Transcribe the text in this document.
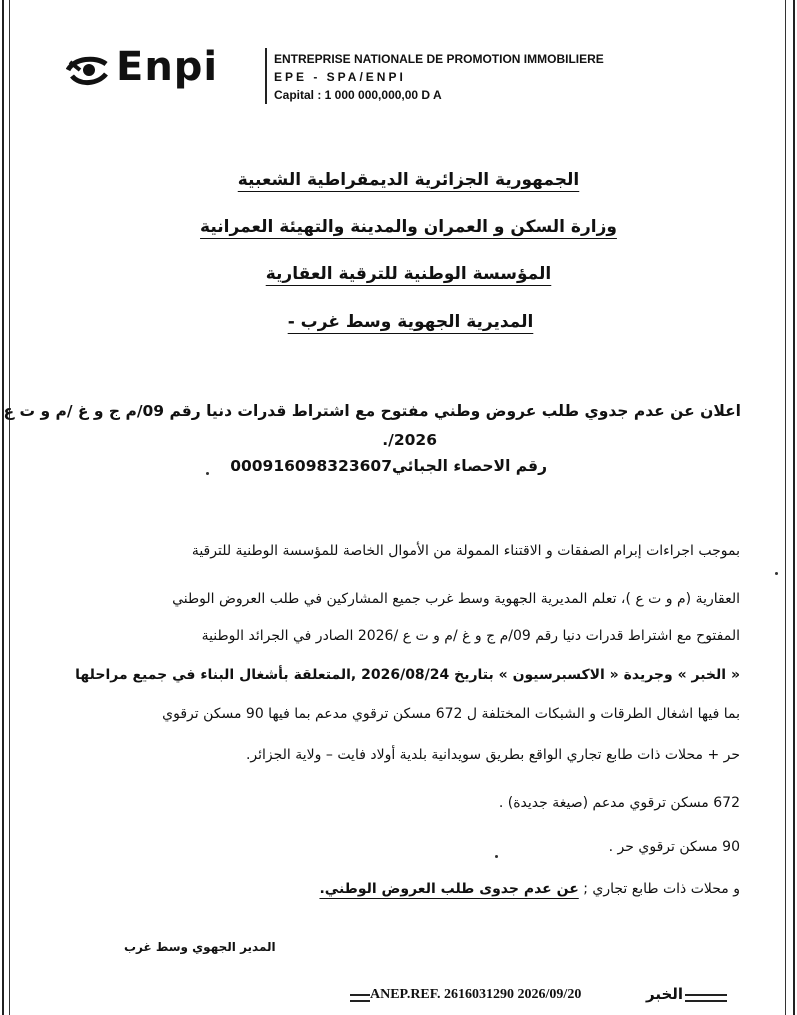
Enpi	ENTREPRISE NATIONALE DE PROMOTION IMMOBILIERE
EPE - SPA/ENPI
Capital : 1 000 000,000,00 D A
الجمهورية الجزائرية الديمقراطية الشعبية
وزارة السكن و العمران والمدينة والتهيئة العمرانية
المؤسسة الوطنية للترقية العقارية
المديرية الجهوية وسط غرب -
اعلان عن عدم جدوي طلب عروض وطني مفتوح مع اشتراط قدرات دنيا رقم 09/م ج و غ /م و ت ع
2026/.
رقم الاحصاء الجبائي000916098323607
بموجب اجراءات إبرام الصفقات و الاقتناء الممولة من الأموال الخاصة للمؤسسة الوطنية للترقية
العقارية (م و ت ع )، تعلم المديرية الجهوية وسط غرب جميع المشاركين في طلب العروض الوطني
المفتوح مع اشتراط قدرات دنيا رقم 09/م ج و غ /م و ت ع /2026 الصادر في الجرائد الوطنية
« الخبر » وجريدة « الاكسبرسيون » بتاريخ 2026/08/24 ,المتعلقة بأشغال البناء في جميع مراحلها
بما فيها اشغال الطرقات و الشبكات المختلفة ل 672 مسكن ترقوي مدعم بما فيها 90 مسكن ترقوي
حر + محلات ذات طابع تجاري الواقع بطريق سويدانية بلدية أولاد فايت – ولاية الجزائر.
672 مسكن ترقوي مدعم (صيغة جديدة) .
90 مسكن ترقوي حر .
و محلات ذات طابع تجاري ; عن عدم جدوى طلب العروض الوطني.
المدير الجهوي وسط غرب
ANEP.REF. 2616031290 2026/09/20	الخبر
